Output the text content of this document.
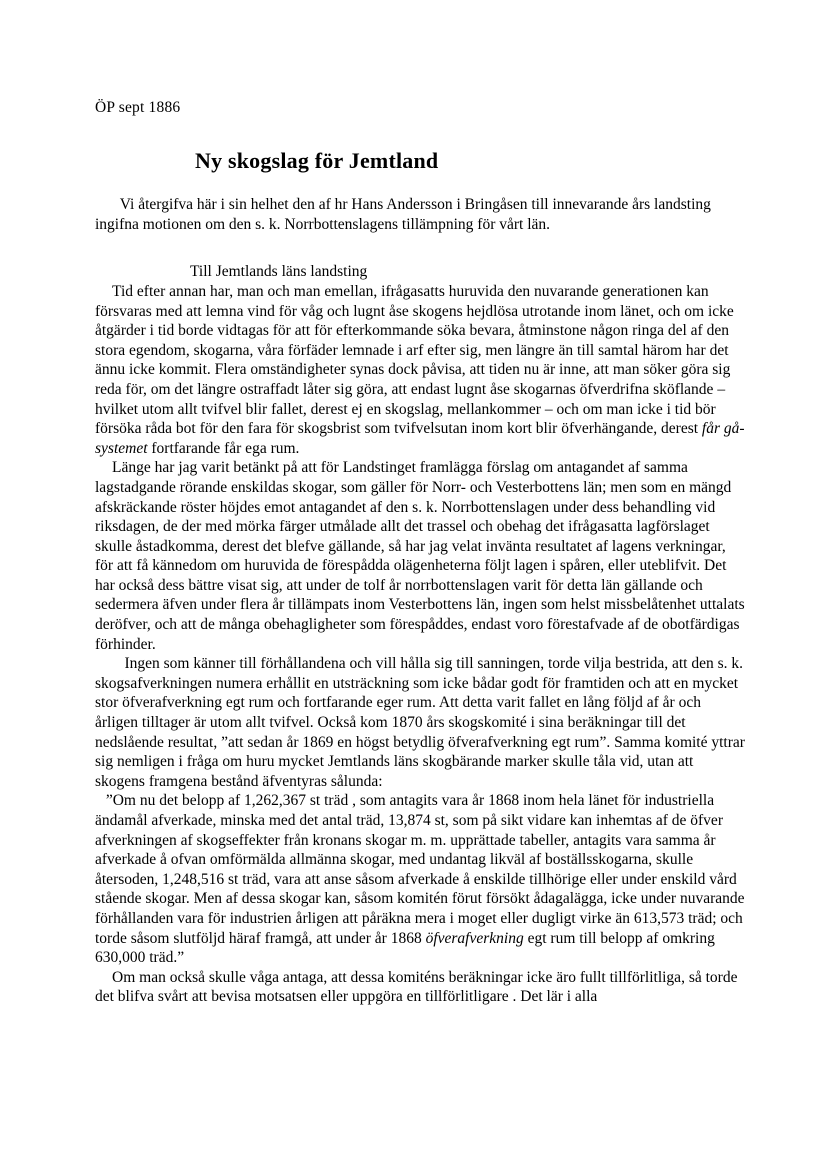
ÖP sept 1886
Ny skogslag för Jemtland

Vi återgifva här i sin helhet den af hr Hans Andersson i Bringåsen till innevarande års landsting ingifna motionen om den s. k. Norrbottenslagens tillämpning för vårt län.

Till Jemtlands läns landsting

Tid efter annan har, man och man emellan, ifrågasatts huruvida den nuvarande generationen kan försvaras med att lemna vind för våg och lugnt åse skogens hejdlösa utrotande inom länet, och om icke åtgärder i tid borde vidtagas för att för efterkommande söka bevara, åtminstone någon ringa del af den stora egendom, skogarna, våra förfäder lemnade i arf efter sig, men längre än till samtal härom har det ännu icke kommit. Flera omständigheter synas dock påvisa, att tiden nu är inne, att man söker göra sig reda för, om det längre ostraffadt låter sig göra, att endast lugnt åse skogarnas öfverdrifna sköflande – hvilket utom allt tvifvel blir fallet, derest ej en skogslag, mellankommer – och om man icke i tid bör försöka råda bot för den fara för skogsbrist som tvifvelsutan inom kort blir öfverhängande, derest får gå-systemet fortfarande får ega rum.

Länge har jag varit betänkt på att för Landstinget framlägga förslag om antagandet af samma lagstadgande rörande enskildas skogar, som gäller för Norr- och Vesterbottens län; men som en mängd afskräckande röster höjdes emot antagandet af den s. k. Norrbottenslagen under dess behandling vid riksdagen, de der med mörka färger utmålade allt det trassel och obehag det ifrågasatta lagförslaget skulle åstadkomma, derest det blefve gällande, så har jag velat invänta resultatet af lagens verkningar, för att få kännedom om huruvida de förespådda olägenheterna följt lagen i spåren, eller uteblifvit. Det har också dess bättre visat sig, att under de tolf år norrbottenslagen varit för detta län gällande och sedermera äfven under flera år tillämpats inom Vesterbottens län, ingen som helst missbelåtenhet uttalats deröfver, och att de många obehagligheter som förespåddes, endast voro förestafvade af de obotfärdigas förhinder.

Ingen som känner till förhållandena och vill hålla sig till sanningen, torde vilja bestrida, att den s. k. skogsafverkningen numera erhållit en utsträckning som icke bådar godt för framtiden och att en mycket stor öfverafverkning egt rum och fortfarande eger rum. Att detta varit fallet en lång följd af år och årligen tilltager är utom allt tvifvel. Också kom 1870 års skogskomité i sina beräkningar till det nedslående resultat, ”att sedan år 1869 en högst betydlig öfverafverkning egt rum”. Samma komité yttrar sig nemligen i fråga om huru mycket Jemtlands läns skogbärande marker skulle tåla vid, utan att skogens framgena bestånd äfventyras sålunda:

”Om nu det belopp af 1,262,367 st träd , som antagits vara år 1868 inom hela länet för industriella ändamål afverkade, minska med det antal träd, 13,874 st, som på sikt vidare kan inhemtas af de öfver afverkningen af skogseffekter från kronans skogar m. m. upprättade tabeller, antagits vara samma år afverkade å ofvan omförmälda allmänna skogar, med undantag likväl af boställsskogarna, skulle återsoden, 1,248,516 st träd, vara att anse såsom afverkade å enskilde tillhörige eller under enskild vård stående skogar. Men af dessa skogar kan, såsom komitén förut försökt ådagalägga, icke under nuvarande förhållanden vara för industrien årligen att påräkna mera i moget eller dugligt virke än 613,573 träd; och torde såsom slutföljd häraf framgå, att under år 1868 öfverafverkning egt rum till belopp af omkring 630,000 träd.”

Om man också skulle våga antaga, att dessa komiténs beräkningar icke äro fullt tillförlitliga, så torde det blifva svårt att bevisa motsatsen eller uppgöra en tillförlitligare . Det lär i alla
